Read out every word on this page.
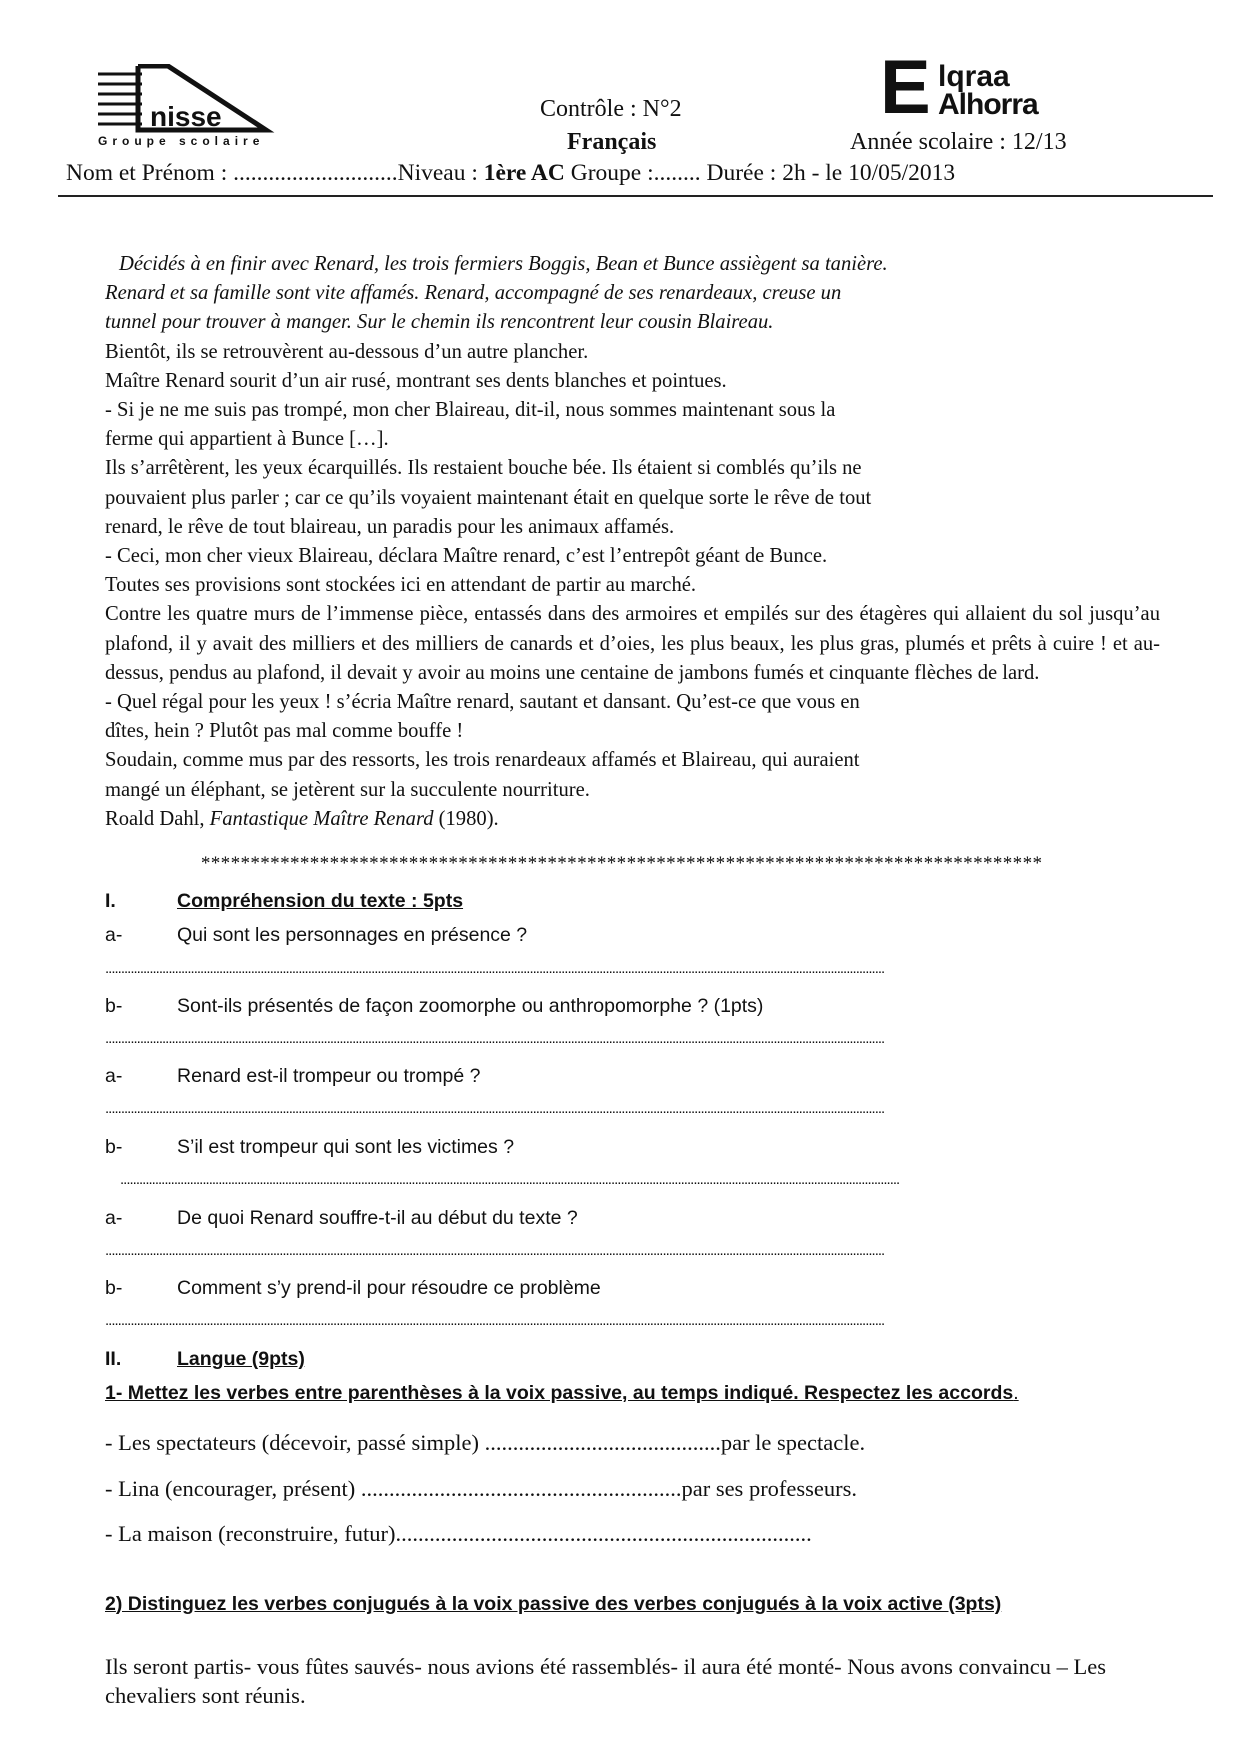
nisse
Groupe scolaire
Contrôle : N°2
Français	Année scolaire : 12/13
E lqraa
Alhorra
Nom et Prénom : ............................Niveau : 1ère AC Groupe :........ Durée : 2h - le 10/05/2013

Décidés à en finir avec Renard, les trois fermiers Boggis, Bean et Bunce assiègent sa tanière.

Renard et sa famille sont vite affamés. Renard, accompagné de ses renardeaux, creuse un

tunnel pour trouver à manger. Sur le chemin ils rencontrent leur cousin Blaireau.

Bientôt, ils se retrouvèrent au-dessous d’un autre plancher.

Maître Renard sourit d’un air rusé, montrant ses dents blanches et pointues.

- Si je ne me suis pas trompé, mon cher Blaireau, dit-il, nous sommes maintenant sous la

ferme qui appartient à Bunce […].

Ils s’arrêtèrent, les yeux écarquillés. Ils restaient bouche bée. Ils étaient si comblés qu’ils ne

pouvaient plus parler ; car ce qu’ils voyaient maintenant était en quelque sorte le rêve de tout

renard, le rêve de tout blaireau, un paradis pour les animaux affamés.

- Ceci, mon cher vieux Blaireau, déclara Maître renard, c’est l’entrepôt géant de Bunce.

Toutes ses provisions sont stockées ici en attendant de partir au marché.

Contre les quatre murs de l’immense pièce, entassés dans des armoires et empilés sur des étagères qui allaient du sol jusqu’au plafond, il y avait des milliers et des milliers de canards et d’oies, les plus beaux, les plus gras, plumés et prêts à cuire ! et au-dessus, pendus au plafond, il devait y avoir au moins une centaine de jambons fumés et cinquante flèches de lard.

- Quel régal pour les yeux ! s’écria Maître renard, sautant et dansant. Qu’est-ce que vous en

dîtes, hein ? Plutôt pas mal comme bouffe !

Soudain, comme mus par des ressorts, les trois renardeaux affamés et Blaireau, qui auraient

mangé un éléphant, se jetèrent sur la succulente nourriture.

Roald Dahl, Fantastique Maître Renard (1980).

*************************************************************************************
I.	Compréhension du texte : 5pts
a-	Qui sont les personnages en présence ?
......................................................................................................................................................................................................................................................
b-	Sont-ils présentés de façon zoomorphe ou anthropomorphe ? (1pts)
......................................................................................................................................................................................................................................................
a-	Renard est-il trompeur ou trompé ?
......................................................................................................................................................................................................................................................
b-	S’il est trompeur qui sont les victimes ?
......................................................................................................................................................................................................................................................
a-	De quoi Renard souffre-t-il au début du texte ?
......................................................................................................................................................................................................................................................
b-	Comment s’y prend-il pour résoudre ce problème
......................................................................................................................................................................................................................................................
II.	Langue (9pts)
1- Mettez les verbes entre parenthèses à la voix passive, au temps indiqué. Respectez les accords.
- Les spectateurs (décevoir, passé simple) ..........................................par le spectacle.
- Lina (encourager, présent) .........................................................par ses professeurs.
- La maison (reconstruire, futur)..........................................................................
2) Distinguez les verbes conjugués à la voix passive des verbes conjugués à la voix active (3pts)
Ils seront partis- vous fûtes sauvés- nous avions été rassemblés- il aura été monté- Nous avons convaincu – Les chevaliers sont réunis.
